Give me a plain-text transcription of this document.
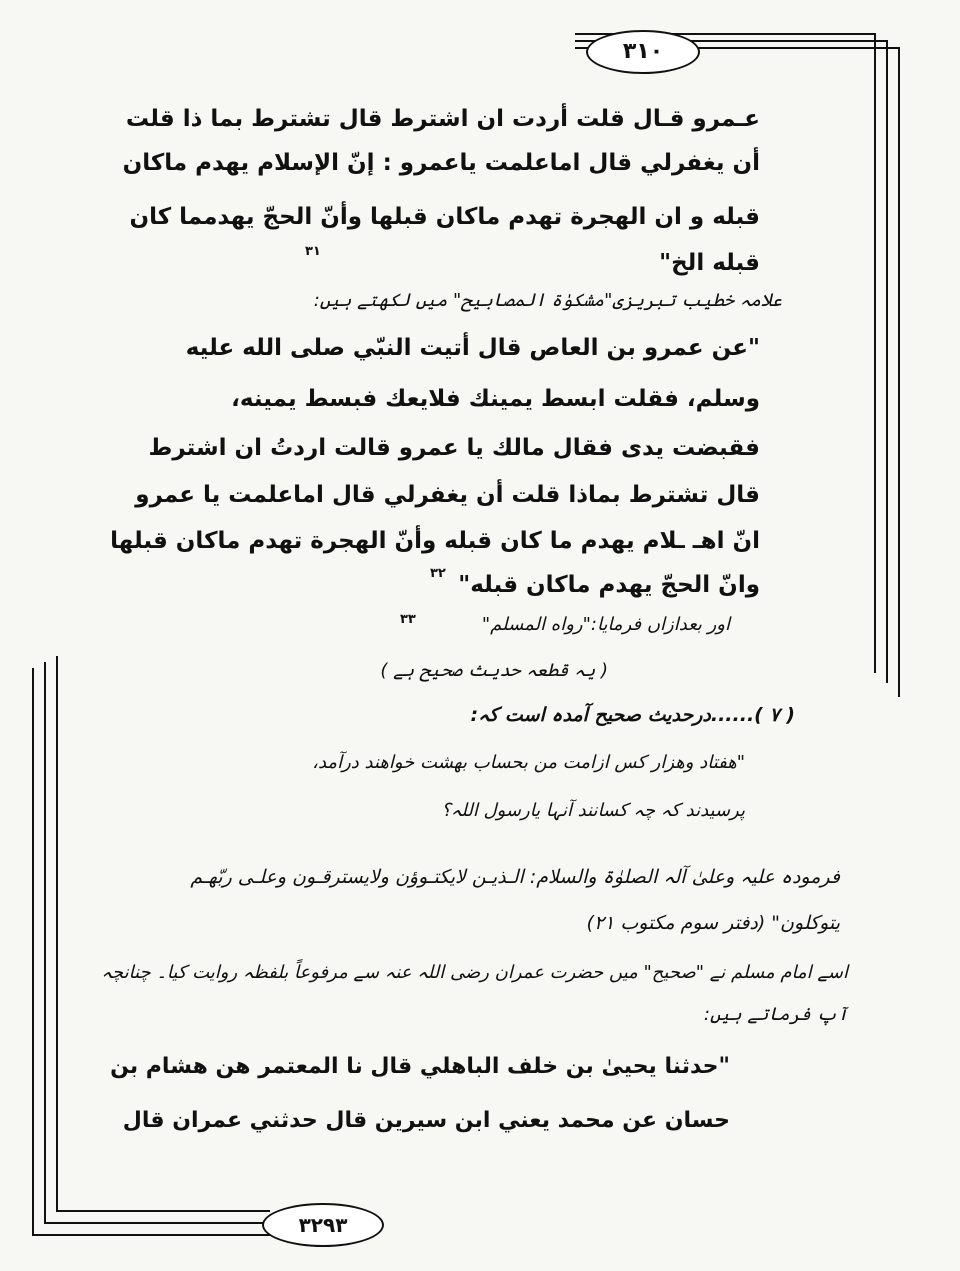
۳۱۰
عـمرو قـال قلت أردت ان اشترط قال تشترط بما ذا قلت
أن يغفرلي قال اماعلمت ياعمرو : إنّ الإسلام يهدم ماكان
قبله و ان الهجرة تهدم ماكان قبلها وأنّ الحجّ يهدمما كان
قبله الخ"
۳۱
علامہ خطیب تبریزی"مشکوٰۃ المصابیح" میں لکھتے ہیں:
"عن عمرو بن العاص قال أتيت النبّي صلى الله عليه
وسلم، فقلت ابسط يمينك فلايعك فبسط يمينه،
فقبضت يدى فقال مالك يا عمرو قالت اردتُ ان اشترط
قال تشترط بماذا قلت أن يغفرلي قال اماعلمت يا عمرو
انّ اهـ ـلام يهدم ما كان قبله وأنّ الهجرة تهدم ماكان قبلها
وانّ الحجّ يهدم ماكان قبله"
۳۲
اور بعدازاں فرمایا:"رواه المسلم"
۳۳
( یہ قطعہ حدیث صحیح ہے )
۳۲۹۳
( ۷ )......درحدیث صحیح آمدہ است کہ:
"هفتاد وهزار کس ازامت من بحساب بهشت خواهند درآمد،
پرسیدند کہ چہ کسانند آنہا یارسول اللہ؟
فرمودہ علیہ وعلیٰ آلہ الصلوٰۃ والسلام: الـذيـن لايكتـوؤن ولايسترقـون وعلـى ربّهـم
يتوكلون" (دفتر سوم مکتوب ۲۱)
اسے امام مسلم نے "صحیح" میں حضرت عمران رضی اللہ عنہ سے مرفوعاً بلفظہ روایت کیا۔ چنانچہ
آپ فرماتے ہیں:
"حدثنا يحيىٰ بن خلف الباهلي قال نا المعتمر هن هشام بن
حسان عن محمد يعني ابن سيرين قال حدثني عمران قال
